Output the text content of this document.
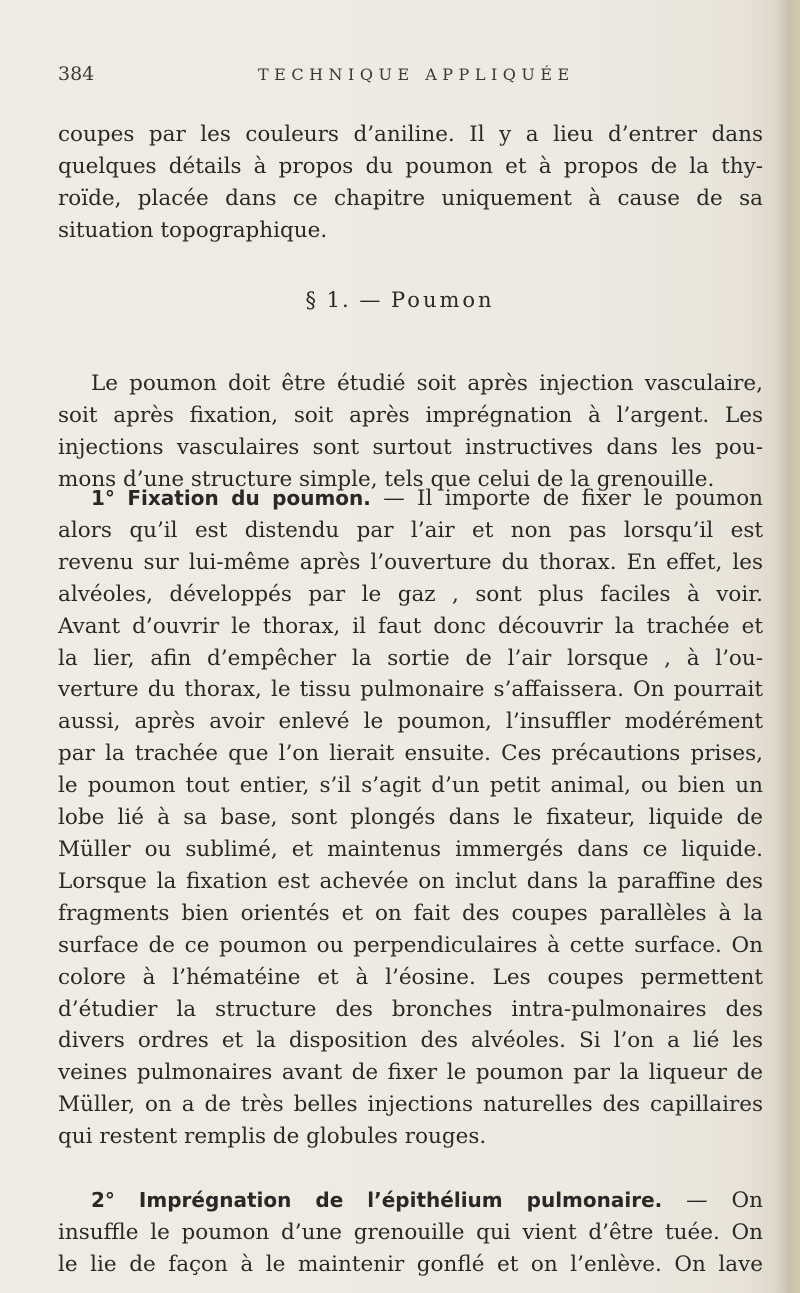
384	TECHNIQUE APPLIQUÉE

coupes par les couleurs d’aniline. Il y a lieu d’entrer dans
quelques détails à propos du poumon et à propos de la thy-
roïde, placée dans ce chapitre uniquement à cause de sa
situation topographique.

§ 1. — Poumon

Le poumon doit être étudié soit après injection vasculaire,
soit après fixation, soit après imprégnation à l’argent. Les
injections vasculaires sont surtout instructives dans les pou-
mons d’une structure simple, tels que celui de la grenouille.

1° Fixation du poumon. — Il importe de fixer le poumon
alors qu’il est distendu par l’air et non pas lorsqu’il est
revenu sur lui-même après l’ouverture du thorax. En effet, les
alvéoles, développés par le gaz , sont plus faciles à voir.
Avant d’ouvrir le thorax, il faut donc découvrir la trachée et
la lier, afin d’empêcher la sortie de l’air lorsque , à l’ou-
verture du thorax, le tissu pulmonaire s’affaissera. On pourrait
aussi, après avoir enlevé le poumon, l’insuffler modérément
par la trachée que l’on lierait ensuite. Ces précautions prises,
le poumon tout entier, s’il s’agit d’un petit animal, ou bien un
lobe lié à sa base, sont plongés dans le fixateur, liquide de
Müller ou sublimé, et maintenus immergés dans ce liquide.
Lorsque la fixation est achevée on inclut dans la paraffine des
fragments bien orientés et on fait des coupes parallèles à la
surface de ce poumon ou perpendiculaires à cette surface. On
colore à l’hématéine et à l’éosine. Les coupes permettent
d’étudier la structure des bronches intra-pulmonaires des
divers ordres et la disposition des alvéoles. Si l’on a lié les
veines pulmonaires avant de fixer le poumon par la liqueur de
Müller, on a de très belles injections naturelles des capillaires
qui restent remplis de globules rouges.

2° Imprégnation de l’épithélium pulmonaire. — On
insuffle le poumon d’une grenouille qui vient d’être tuée. On
le lie de façon à le maintenir gonflé et on l’enlève. On lave
